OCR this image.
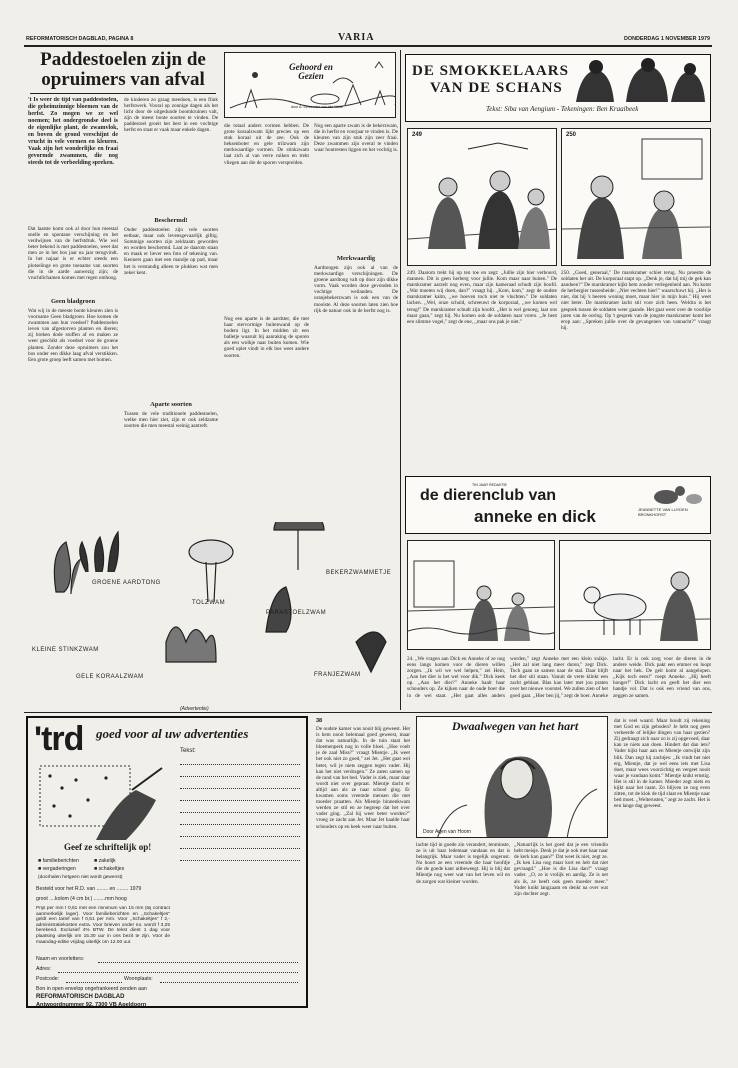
REFORMATORISCH DAGBLAD, PAGINA 8	VARIA	DONDERDAG 1 NOVEMBER 1979
Paddestoelen zijn de opruimers van afval
't Is weer de tijd van paddestoelen, die geheimzinnige bloemen van de herfst. Zo mogen we ze wel noemen; het ondergrondse deel is de eigenlijke plant, de zwamvlok, en boven de grond verschijnt de vrucht in vele vormen en kleuren. Vaak zijn het wonderlijke en fraai gevormde zwammen, die nog steeds tot de verbeelding spreken.
Dat laatste komt ook al door hun meestal snelle en spontane verschijning en het verdwijnen van de herfstdruk. Wie wel beter bekend is met paddestoelen, weet dat men ze in het bos jaar na jaar terugvindt. In het najaar is er echter steeds een plotselinge en grote toename van soorten die in de aarde aanwezig zijn; de vruchtlichamen komen met regen omhoog.
Geen bladgroen
Wat wij in de meeste bonte kleuren zien is voorname Geen bladgroen. Hoe komen de zwammen aan hun voedsel? Paddestoelen leven van afgestorven planten en dieren; zij breken dode stoffen af en maken ze weer geschikt als voedsel voor de groene planten. Zonder deze opruimers zou het bos onder een dikke laag afval verstikken. Een grote groep leeft samen met bomen.
de kinderen zo graag meedoen, is een flink herfstwerk. Vooral op zonnige dagen als het licht door de uitgedunde boomkruinen valt, zijn de meest bonte soorten te vinden. De paddestoel groeit het best in een vochtige herfst en staat er vaak maar enkele dagen.
Beschermd!
Onder paddestoelen zijn vele soorten eetbaar, maar ook levensgevaarlijk giftig. Sommige soorten zijn zeldzaam geworden en worden beschermd. Laat ze daarom staan en maak er liever een foto of tekening van. Kenners gaan met een mandje op pad, maar het is verstandig alleen te plukken wat men zeker kent.
Aparte soorten
Tussen de vele traditionele paddestoelen, welke men hier ziet, zijn er ook zeldzame soorten die men meestal weinig aantreft.
Gehoord en Gezien
door A. Schreuder van der Valde
die totaal anders vormen hebben. De grote koraalzwam lijkt precies op een stuk koraal uit de zee. Ook de heksenboter en gele trilzwam zijn merkwaardige vormen. De stinkzwam laat zich al van verre ruiken en trekt vliegen aan die de sporen verspreiden.
Nog een aparte is de aardster, die met haar stervormige buitenwand op de bodem ligt. In het midden zit een balletje waaruit bij aanraking de sporen als een wolkje naar buiten komen. Wie goed oplet vindt in elk bos weer andere soorten.
Nog een aparte zwam is de bekerzwam, die in herfst en voorjaar te vinden is. De kleuren van zijn stuk zijn zeer fraai. Deze zwammen zijn overal te vinden waar houtresten liggen en het vochtig is.
Merkwaardig
Aardtongen zijn ook al van de merkwaardige verschijningen. De groene aardtong valt op door zijn dikke vorm. Vaak worden deze gevonden in vochtige weilanden. De oranjebekerzwam is ook een van de mooiste. Al deze soorten laten zien hoe rijk de natuur ook in de herfst nog is.
GROENE AARDTONG
TOLZWAM
BEKERZWAMMETJE
KLEINE STINKZWAM
PARASTOELZWAM
GELE KORAALZWAM	FRANJEZWAM
DE SMOKKELAARS
VAN DE SCHANS
Tekst: Siba van Aengium - Tekeningen: Ben Kraaibeek
249	250
249. Daarom trekt hij op ten toe en zegt: ,,Jullie zijn hier verboord, mannen. Dit is geen herberg voor jullie. Kom maar naar buiten." De marskramer aarzelt nog even, maar zijn kameraad schudt zijn hoofd. ,,Wat moeten wij doen, dan?" vraagt hij. ,,Kom, kom," zegt de oudste marskramer kalm, ,,we hoeven toch niet te vluchten." De soldaten lachen. ,,Wel, onze schuld, schreeuwt de korporaal, ,,we komen wel terug!" De marskramer schudt zijn hoofd. ,,Het is wel genoeg, laat ons maar gaan," zegt hij. Nu komen ook de soldaten naar voren. ,,Je bent een slimme vogel," zegt de ene, ,,maar ons pak je niet."
250. ,,Goed, generaal," De marskramer schiet terug. Nu proestte de soldaten het uit. De korporaal stapt op. ,,Denk je, dat hij mij de gek kan aandoen?" De marskramer kijkt hem zonder verlegenheid aan. Nu komt de herbergier tussenbeide: ,,Niet vechten hier!" waarschuwt hij. ,,Het is niet, dat hij 's heeren woning moet, maar hier in mijn huis." Hij weet niet beter. De marskramer lacht stil voor zich heen. Weldra is het gesprek tussen de soldaten weer gaande. Het gaat weer over de voorbije jaren van de oorlog. Op 't gesprek van de jongste marskramer komt het erop aan: ,,Spreken jullie over de gevangenen van vannacht?" vraagt hij.
TIN JAAR REDAKTIE
de dierenclub van
anneke en dick	JEANNETTE VAN LUYDEN BRONKHORST
24. ,,We vragen aan Dick en Anneke of ze nog eens langs komen voor de dieren willen zorgen. ,,Ik wil we wel helpen," zei Hein, ,,Aan het dier is het wel voor dik." Dick keek op. ,,Aan het dier?" Anneke haalt haar schouders op. Ze kijken naar de oude boer die in de wei staat. ,,Het gaat alles anders worden," zegt Anneke met een klein snikje. ,,Het zal niet lang meer duren," zegt Dick. Toch gaan ze samen naar de stal. Daar blijft het dier stil staan. Vanuit de verte klinkt een zacht geblaat. Blas kan later met jou praten over het nieuwe voorstel. We zullen zien of het goed gaat. ,,Hier ben jij," zegt de boer. Anneke lacht. Er is ook zorg voor de dieren in de andere weide. Dick pakt een emmer en loopt naar het hek. De geit komt al aangelopen. ,,Kijk toch eens!" roept Anneke. ,,Hij heeft honger!" Dick lacht en geeft het dier een handje vol. Dat is ook een vriend van ons, zeggen ze samen.
(Advertentie)
'trd goed voor al uw advertenties
Tekst:
Geef ze schriftelijk op!
■ familieberichten
■ vergaderingen
■ zakelijk
■ schakeltjes
(doorhalen hetgeen niet wordt gewenst)
Besteld voor het R.D. van ........ en ........ 1979
groot ....kolom (4 cm br.) ........mm hoog
Prijs per mm f 0,61 met een minimum van 15 mm (bij contract aanmerkelijk lager). Voor familieberichten en ,,Schakeltjes" geldt een tarief van f 0,51 per mm. Voor ,,Schakeltjes" f 2,- administratiekosten extra. Voor brieven onder no. wordt f 3,25 berekend. Exclusief 4% BTW. De tekst dient 1 dag voor plaatsing uiterlijk om 15.30 uur in ons bezit te zijn. Voor de maandag-editie vrijdag uiterlijk om 12.00 uur.
Naam en voorletters:
Adres:
Postcode:	Woonplaats:
Bon in open envelop ongefrankeerd zenden aan
REFORMATORISCH DAGBLAD
Antwoordnummer 92, 7300 VB Apeldoorn
38
De oudste kamer was nooit blij geweest. Het is hem nooit helemaal goed geweest, maar dat was natuurlijk. In de tuin staat het bloemenperk nog in volle bloei. ,,Hoe voelt je de zaal Miss?" vraagt Mientje. ,,Ik weet het ook niet zo goed," zei Jet. ,,Het gaat wel beter, wil je niets zeggen tegen vader. Hij kan het niet verdragen." Ze zaten samen op de rand van het bed. Vader is ziek, maar daar wordt niet over gepraat. Mientje dacht er altijd aan als ze naar school ging. Er kwamen soms vreemde mensen die met moeder praatten. Als Mientje binnenkwam werden ze stil en ze begreep dat het over vader ging. ,,Zal hij weer beter worden?" vroeg ze zacht aan Jet. Maar Jet haalde haar schouders op en keek weer naar buiten.
Dwaalwegen van het hart
Door Arjen van Hoorn
lachte tijd in goede zin verandert, tenminste, ze is uit haar ledemaat vandaan en dat is belangrijk. Maar vader is tegelijk ongerust. Nu hoort ze een vreemde die haar hoofdje die de goede kant uitbeweegt. Hij is blij dat Mientje nog weer wat van het leven wil en de zorgen wat kleiner worden.
,,Natuurlijk is het goed dat je een vriendin hebt meisje. Denk je dat je ook met haar naar de kerk kan gaan?" Dat weet ik niet, zegt ze. ,,Ik ken Lisa nog maar kort en heb dat niet gevraagd." ,,Hoe is die Lisa dan?" vraagt vader. ,,O, ze is vrolijk en aardig. Ze is net als ik, ze heeft ook geen moeder meer." Vader knikt langzaam en denkt na over wat zijn dochter zegt.
dat is veel waard. Maar houdt zij rekening met God en zijn geboden? Je hebt nog geen verkeerde of lelijke dingen van haar gezien? Zij gedraagt zich naar zo is zij opgevoed, daar kan ze niets aan doen. Hindert dat dan iets? Vader kijkt haar aan en Mientje ontwijkt zijn blik. Dan zegt hij zachtjes: ,,Ik vindt het niet erg, Mientje, dat je wel eens iets met Lisa doet, maar wees voorzichtig en vergeet nooit waar je vandaan komt." Mientje knikt ernstig. Het is stil in de kamer. Moeder zegt niets en kijkt naar het raam. Zo blijven ze nog even zitten, tot de klok de tijd slaat en Mientje naar bed moet. ,,Welterusten," zegt ze zacht. Het is een lange dag geweest.
